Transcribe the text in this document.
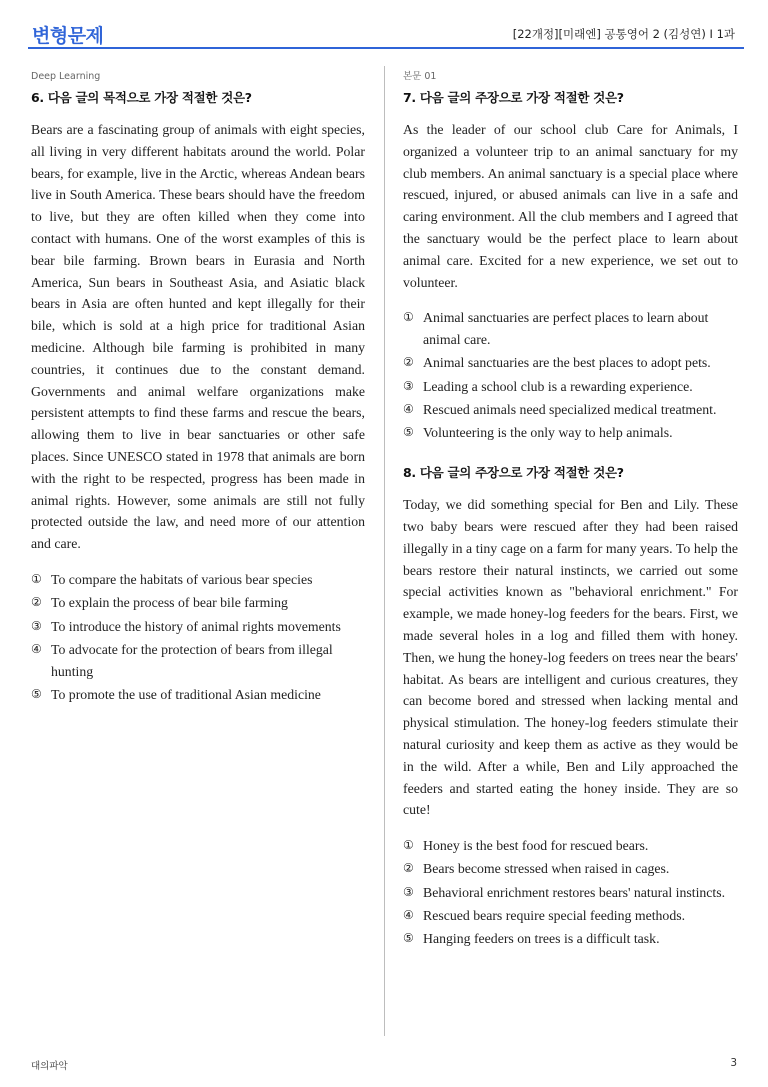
변형문제	[22개정][미래엔] 공통영어 2 (김성연) I 1과
Deep Learning
6. 다음 글의 목적으로 가장 적절한 것은?
Bears are a fascinating group of animals with eight species, all living in very different habitats around the world. Polar bears, for example, live in the Arctic, whereas Andean bears live in South America. These bears should have the freedom to live, but they are often killed when they come into contact with humans. One of the worst examples of this is bear bile farming. Brown bears in Eurasia and North America, Sun bears in Southeast Asia, and Asiatic black bears in Asia are often hunted and kept illegally for their bile, which is sold at a high price for traditional Asian medicine. Although bile farming is prohibited in many countries, it continues due to the constant demand. Governments and animal welfare organizations make persistent attempts to find these farms and rescue the bears, allowing them to live in bear sanctuaries or other safe places. Since UNESCO stated in 1978 that animals are born with the right to be respected, progress has been made in animal rights. However, some animals are still not fully protected outside the law, and need more of our attention and care.
① To compare the habitats of various bear species
② To explain the process of bear bile farming
③ To introduce the history of animal rights movements
④ To advocate for the protection of bears from illegal hunting
⑤ To promote the use of traditional Asian medicine
본문 01
7. 다음 글의 주장으로 가장 적절한 것은?
As the leader of our school club Care for Animals, I organized a volunteer trip to an animal sanctuary for my club members. An animal sanctuary is a special place where rescued, injured, or abused animals can live in a safe and caring environment. All the club members and I agreed that the sanctuary would be the perfect place to learn about animal care. Excited for a new experience, we set out to volunteer.
① Animal sanctuaries are perfect places to learn about animal care.
② Animal sanctuaries are the best places to adopt pets.
③ Leading a school club is a rewarding experience.
④ Rescued animals need specialized medical treatment.
⑤ Volunteering is the only way to help animals.
8. 다음 글의 주장으로 가장 적절한 것은?
Today, we did something special for Ben and Lily. These two baby bears were rescued after they had been raised illegally in a tiny cage on a farm for many years. To help the bears restore their natural instincts, we carried out some special activities known as "behavioral enrichment." For example, we made honey-log feeders for the bears. First, we made several holes in a log and filled them with honey. Then, we hung the honey-log feeders on trees near the bears' habitat. As bears are intelligent and curious creatures, they can become bored and stressed when lacking mental and physical stimulation. The honey-log feeders stimulate their natural curiosity and keep them as active as they would be in the wild. After a while, Ben and Lily approached the feeders and started eating the honey inside. They are so cute!
① Honey is the best food for rescued bears.
② Bears become stressed when raised in cages.
③ Behavioral enrichment restores bears' natural instincts.
④ Rescued bears require special feeding methods.
⑤ Hanging feeders on trees is a difficult task.
대의파악	3
